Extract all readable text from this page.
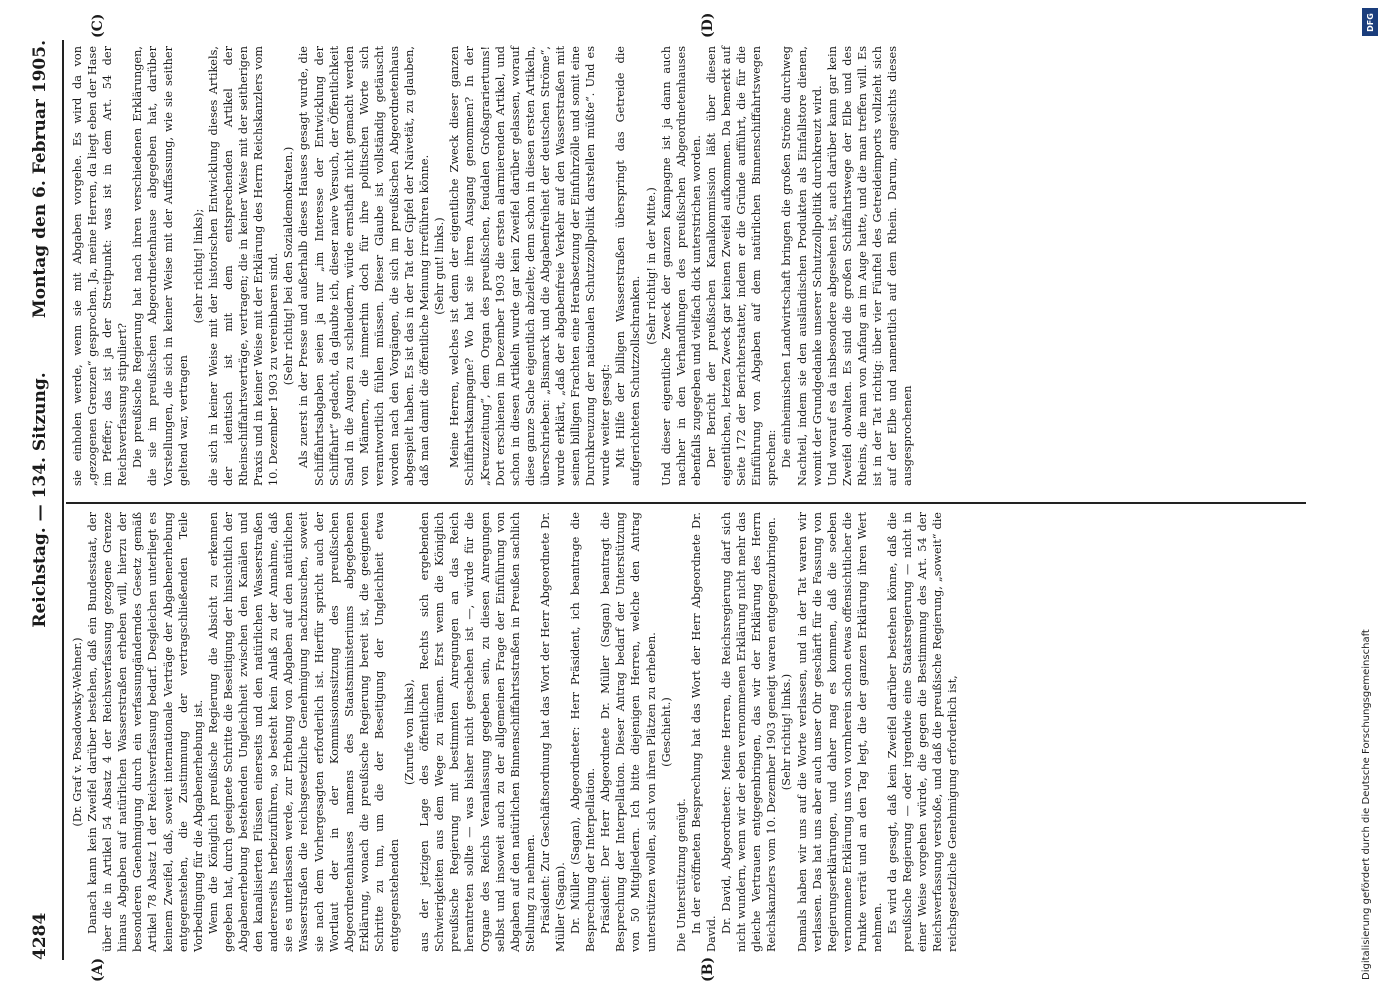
4284
Reichstag. — 134. Sitzung.
Montag den 6. Februar 1905.
(A)	(B)
(C)	(D)

(Dr. Graf v. Posadowsky-Wehner.) Danach kann kein Zweifel darüber bestehen, daß ein Bundesstaat, der über die in Artikel 54 Absatz 4 der Reichsverfassung gezogene Grenze hinaus Abgaben auf natürlichen Wasserstraßen erheben will, hierzu der besonderen Genehmigung durch ein verfassungänderndes Gesetz gemäß Artikel 78 Absatz 1 der Reichsverfassung bedarf. Desgleichen unterliegt es keinem Zweifel, daß, soweit internationale Verträge der Abgabenerhebung entgegenstehen, die Zustimmung der vertragschließenden Teile Vorbedingung für die Abgabenerhebung ist. Wenn die Königlich preußische Regierung die Absicht zu erkennen gegeben hat, durch geeignete Schritte die Beseitigung der hinsichtlich der Abgabenerhebung bestehenden Ungleichheit zwischen den Kanälen und den kanalisierten Flüssen einerseits und den natürlichen Wasserstraßen andererseits herbeizuführen, so besteht kein Anlaß zu der Annahme, daß sie es unterlassen werde, zur Erhebung von Abgaben auf den natürlichen Wasserstraßen die reichsgesetzliche Genehmigung nachzusuchen, soweit sie nach dem Vorhergesagten erforderlich ist. Hierfür spricht auch der Wortlaut der in der Kommissionssitzung des preußischen Abgeordnetenhauses namens des Staatsministeriums abgegebenen Erklärung, wonach die preußische Regierung bereit ist, die geeigneten Schritte zu tun, um die der Beseitigung der Ungleichheit etwa entgegenstehenden

(Zurufe von links), aus der jetzigen Lage des öffentlichen Rechts sich ergebenden Schwierigkeiten aus dem Wege zu räumen. Erst wenn die Königlich preußische Regierung mit bestimmten Anregungen an das Reich herantreten sollte — was bisher nicht geschehen ist —, würde für die Organe des Reichs Veranlassung gegeben sein, zu diesen Anregungen selbst und insoweit auch zu der allgemeinen Frage der Einführung von Abgaben auf den natürlichen Binnenschiffahrtsstraßen in Preußen sachlich Stellung zu nehmen. Präsident: Zur Geschäftsordnung hat das Wort der Herr Abgeordnete Dr. Müller (Sagan). Dr. Müller (Sagan), Abgeordneter: Herr Präsident, ich beantrage die Besprechung der Interpellation. Präsident: Der Herr Abgeordnete Dr. Müller (Sagan) beantragt die Besprechung der Interpellation. Dieser Antrag bedarf der Unterstützung von 50 Mitgliedern. Ich bitte diejenigen Herren, welche den Antrag unterstützen wollen, sich von ihren Plätzen zu erheben. (Geschieht.)

Die Unterstützung genügt. In der eröffneten Besprechung hat das Wort der Herr Abgeordnete Dr. David. Dr. David, Abgeordneter: Meine Herren, die Reichsregierung darf sich nicht wundern, wenn wir der eben vernommenen Erklärung nicht mehr das gleiche Vertrauen entgegenbringen, das wir der Erklärung des Herrn Reichskanzlers vom 10. Dezember 1903 geneigt waren entgegenzubringen. (Sehr richtig! links.) Damals haben wir uns auf die Worte verlassen, und in der Tat waren wir verlassen. Das hat uns aber auch unser Ohr geschärft für die Fassung von Regierungserklärungen, und daher mag es kommen, daß die soeben vernommene Erklärung uns von vornherein schon etwas offensichtlicher die Punkte verrät und an den Tag legt, die der ganzen Erklärung ihren Wert nehmen. Es wird da gesagt, daß kein Zweifel darüber bestehen könne, daß die preußische Regierung — oder irgendwie eine Staatsregierung — nicht in einer Weise vorgehen würde, die gegen die Bestimmung des Art. 54 der Reichsverfassung verstoße, und daß die preußische Regierung, „soweit“ die reichsgesetzliche Genehmigung erforderlich ist,

sie einholen werde, wenn sie mit Abgaben vorgehe. Es wird da von „gezogenen Grenzen“ gesprochen. Ja, meine Herren, da liegt eben der Hase im Pfeffer; das ist ja der Streitpunkt: was ist in dem Art. 54 der Reichsverfassung stipuliert? Die preußische Regierung hat nach ihren verschiedenen Erklärungen, die sie im preußischen Abgeordnetenhause abgegeben hat, darüber Vorstellungen, die sich in keiner Weise mit der Auffassung, wie sie seither geltend war, vertragen

(sehr richtig! links); die sich in keiner Weise mit der historischen Entwicklung dieses Artikels, der identisch ist mit dem entsprechenden Artikel der Rheinschiffahrtsverträge, vertragen; die in keiner Weise mit der seitherigen Praxis und in keiner Weise mit der Erklärung des Herrn Reichskanzlers vom 10. Dezember 1903 zu vereinbaren sind. (Sehr richtig! bei den Sozialdemokraten.) Als zuerst in der Presse und außerhalb dieses Hauses gesagt wurde, die Schiffahrtsabgaben seien ja nur „im Interesse der Entwicklung der Schiffahrt“ gedacht, da glaubte ich, dieser naive Versuch, der Öffentlichkeit Sand in die Augen zu schleudern, würde ernsthaft nicht gemacht werden von Männern, die immerhin doch für ihre politischen Worte sich verantwortlich fühlen müssen. Dieser Glaube ist vollständig getäuscht worden nach den Vorgängen, die sich im preußischen Abgeordnetenhaus abgespielt haben. Es ist das in der Tat der Gipfel der Naivetät, zu glauben, daß man damit die öffentliche Meinung irreführen könne. (Sehr gut! links.) Meine Herren, welches ist denn der eigentliche Zweck dieser ganzen Schiffahrtskampagne? Wo hat sie ihren Ausgang genommen? In der „Kreuzzeitung“, dem Organ des preußischen, feudalen Großagrariertums! Dort erschienen im Dezember 1903 die ersten alarmierenden Artikel, und schon in diesen Artikeln wurde gar kein Zweifel darüber gelassen, worauf diese ganze Sache eigentlich abzielte; denn schon in diesen ersten Artikeln, überschrieben: „Bismarck und die Abgabenfreiheit der deutschen Ströme“, wurde erklärt, „daß der abgabenfreie Verkehr auf den Wasserstraßen mit seinen billigen Frachten eine Herabsetzung der Einfuhrzölle und somit eine Durchkreuzung der nationalen Schutzzollpolitik darstellen müßte“. Und es wurde weiter gesagt: Mit Hilfe der billigen Wasserstraßen überspringt das Getreide die aufgerichteten Schutzzollschranken.

(Sehr richtig! in der Mitte.) Und dieser eigentliche Zweck der ganzen Kampagne ist ja dann auch nachher in den Verhandlungen des preußischen Abgeordnetenhauses ebenfalls zugegeben und vielfach dick unterstrichen worden. Der Bericht der preußischen Kanalkommission läßt über diesen eigentlichen, letzten Zweck gar keinen Zweifel aufkommen. Da bemerkt auf Seite 172 der Berichterstatter, indem er die Gründe aufführt, die für die Einführung von Abgaben auf dem natürlichen Binnenschiffahrtswegen sprechen: Die einheimischen Landwirtschaft bringen die großen Ströme durchweg Nachteil, indem sie den ausländischen Produkten als Einfallstore dienen, womit der Grundgedanke unserer Schutzzollpolitik durchkreuzt wird. Und worauf es da insbesondere abgesehen ist, auch darüber kann gar kein Zweifel obwalten. Es sind die großen Schiffahrtswege der Elbe und des Rheins, die man von Anfang an im Auge hatte, und die man treffen will. Es ist in der Tat richtig: über vier Fünftel des Getreideimports vollzieht sich auf der Elbe und namentlich auf dem Rhein. Darum, angesichts dieses ausgesprochenen

DFG
Digitalisierung gefördert durch die Deutsche Forschungsgemeinschaft
